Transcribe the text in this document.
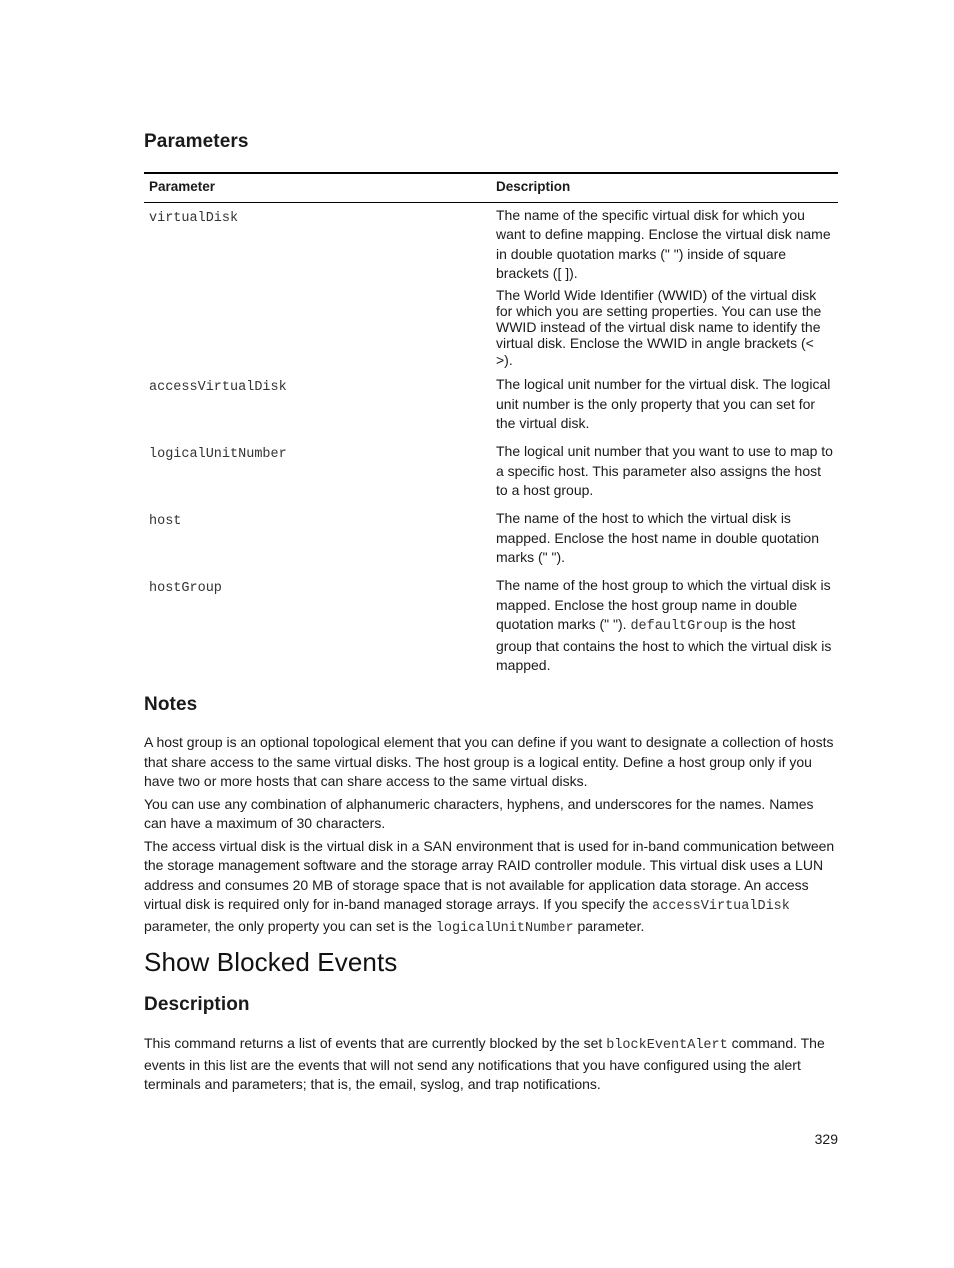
Parameters
Parameter	Description
virtualDisk	The name of the specific virtual disk for which you want to define mapping. Enclose the virtual disk name in double quotation marks (" ") inside of square brackets ([ ]).

The World Wide Identifier (WWID) of the virtual disk for which you are setting properties. You can use the WWID instead of the virtual disk name to identify the virtual disk. Enclose the WWID in angle brackets (< >).

accessVirtualDisk	The logical unit number for the virtual disk. The logical unit number is the only property that you can set for the virtual disk.

logicalUnitNumber	The logical unit number that you want to use to map to a specific host. This parameter also assigns the host to a host group.

host	The name of the host to which the virtual disk is mapped. Enclose the host name in double quotation marks (" ").

hostGroup	The name of the host group to which the virtual disk is mapped. Enclose the host group name in double quotation marks (" "). defaultGroup is the host group that contains the host to which the virtual disk is mapped.

Notes

A host group is an optional topological element that you can define if you want to designate a collection of hosts that share access to the same virtual disks. The host group is a logical entity. Define a host group only if you have two or more hosts that can share access to the same virtual disks.

You can use any combination of alphanumeric characters, hyphens, and underscores for the names. Names can have a maximum of 30 characters.

The access virtual disk is the virtual disk in a SAN environment that is used for in-band communication between the storage management software and the storage array RAID controller module. This virtual disk uses a LUN address and consumes 20 MB of storage space that is not available for application data storage. An access virtual disk is required only for in-band managed storage arrays. If you specify the accessVirtualDisk parameter, the only property you can set is the logicalUnitNumber parameter.

Show Blocked Events
Description

This command returns a list of events that are currently blocked by the set blockEventAlert command. The events in this list are the events that will not send any notifications that you have configured using the alert terminals and parameters; that is, the email, syslog, and trap notifications.

329
